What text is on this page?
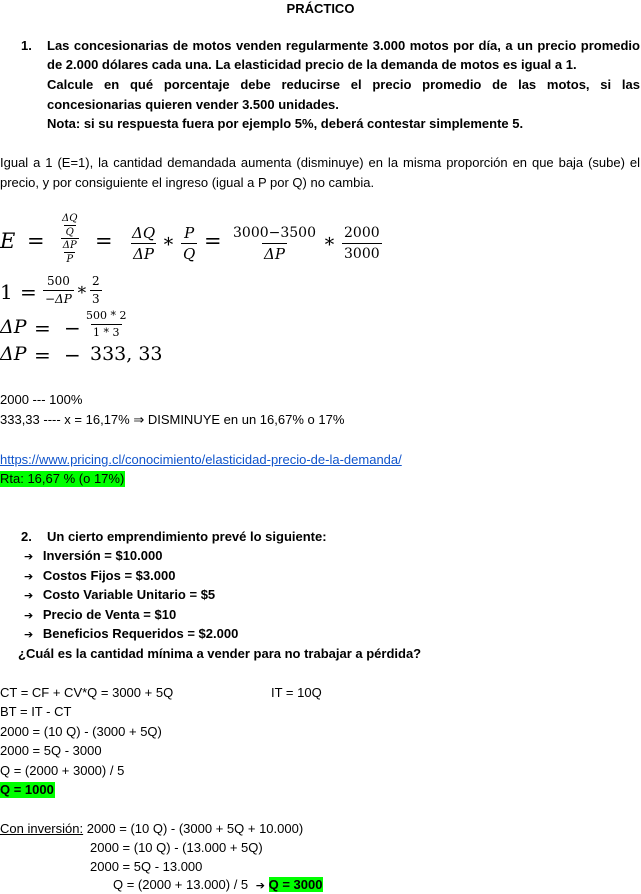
PRÁCTICO
1. Las concesionarias de motos venden regularmente 3.000 motos por día, a un precio promedio
de 2.000 dólares cada una. La elasticidad precio de la demanda de motos es igual a 1.
Calcule en qué porcentaje debe reducirse el precio promedio de las motos, si las
concesionarias quieren vender 3.500 unidades.
Nota: si su respuesta fuera por ejemplo 5%, deberá contestar simplemente 5.
Igual a 1 (E=1), la cantidad demandada aumenta (disminuye) en la misma proporción en que baja (sube) el
precio, y por consiguiente el ingreso (igual a P por Q) no cambia.
$E = \frac{\frac{\Delta Q}{Q}}{\frac{\Delta P}{P}} = \frac{\Delta Q}{\Delta P}$ ∗ $\frac{P}{Q} = \frac{3000-3500}{\Delta P}$ ∗ $\frac{2000}{3000}$
$1 = \frac{500}{-\Delta P}$ ∗ $\frac{2}{3}$
ΔP = − $\frac{500 * 2}{1 * 3}$
ΔP = − 333, 33
2000 --- 100%
333,33 ---- x = 16,17% ⇒ DISMINUYE en un 16,67% o 17%
https://www.pricing.cl/conocimiento/elasticidad-precio-de-la-demanda/
Rta: 16,67 % (o 17%)
2. Un cierto emprendimiento prevé lo siguiente:
➔ Inversión = $10.000
➔ Costos Fijos = $3.000
➔ Costo Variable Unitario = $5
➔ Precio de Venta = $10
➔ Beneficios Requeridos = $2.000
¿Cuál es la cantidad mínima a vender para no trabajar a pérdida?
CT = CF + CV*Q = 3000 + 5Q	IT = 10Q
BT = IT - CT
2000 = (10 Q) - (3000 + 5Q)
2000 = 5Q - 3000
Q = (2000 + 3000) / 5
Q = 1000
Con inversión: 2000 = (10 Q) - (3000 + 5Q + 10.000)
2000 = (10 Q) - (13.000 + 5Q)
2000 = 5Q - 13.000
Q = (2000 + 13.000) / 5 ➔ Q = 3000
